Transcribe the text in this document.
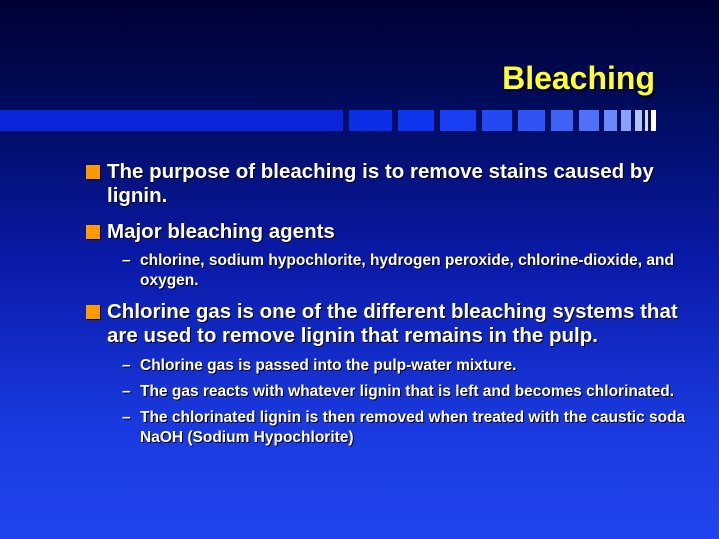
Bleaching
The purpose of bleaching is to remove stains caused by lignin.
Major bleaching agents
– chlorine, sodium hypochlorite, hydrogen peroxide, chlorine-dioxide, and oxygen.
Chlorine gas is one of the different bleaching systems that are used to remove lignin that remains in the pulp.
– Chlorine gas is passed into the pulp-water mixture.
– The gas reacts with whatever lignin that is left and becomes chlorinated.
– The chlorinated lignin is then removed when treated with the caustic soda NaOH (Sodium Hypochlorite)
